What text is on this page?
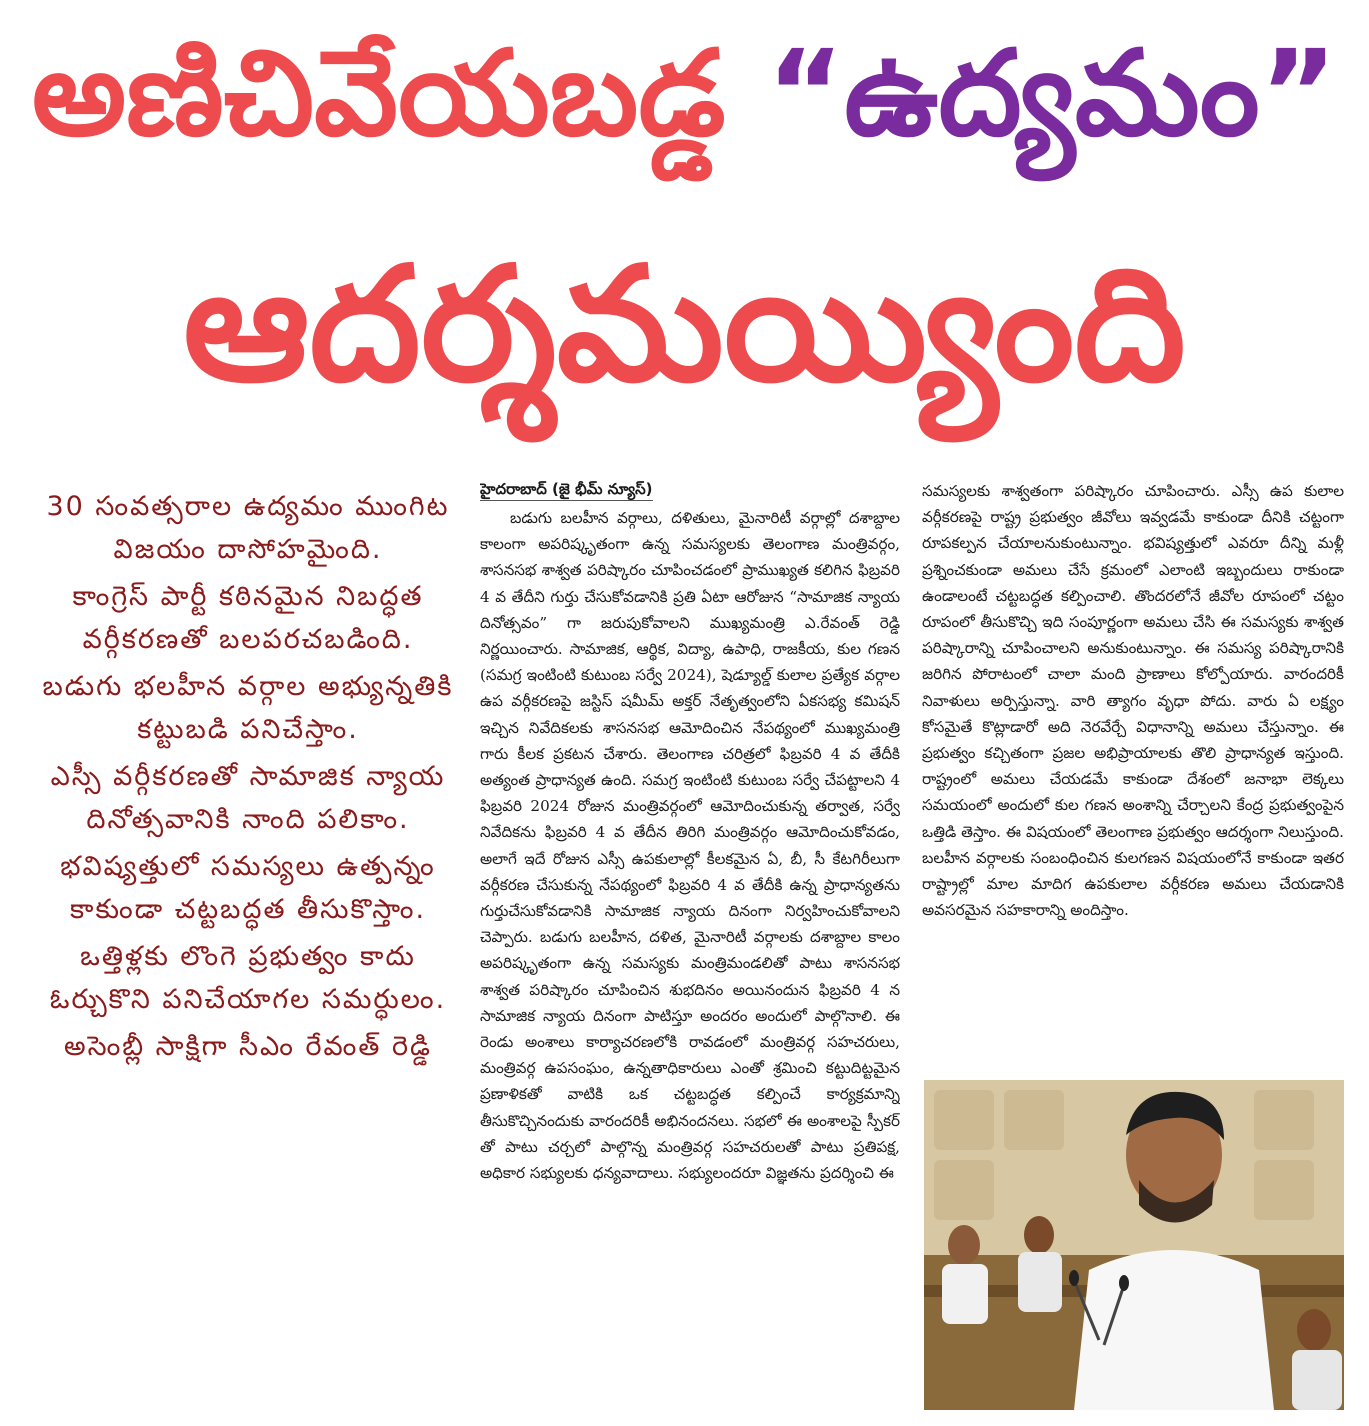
అణిచివేయబడ్డ “ఉద్యమం”
ఆదర్శమయ్యింది

30 సంవత్సరాల ఉద్యమం ముంగిట విజయం దాసోహమైంది.

కాంగ్రెస్ పార్టీ కఠినమైన నిబద్ధత వర్గీకరణతో బలపరచబడింది.

బడుగు భలహీన వర్గాల అభ్యున్నతికి కట్టుబడి పనిచేస్తాం.

ఎస్సీ వర్గీకరణతో సామాజిక న్యాయ దినోత్సవానికి నాంది పలికాం.

భవిష్యత్తులో సమస్యలు ఉత్పన్నం కాకుండా చట్టబద్ధత తీసుకొస్తాం.

ఒత్తిళ్లకు లొంగె ప్రభుత్వం కాదు ఓర్చుకొని పనిచేయాగల సమర్ధులం.

అసెంబ్లీ సాక్షిగా సీఎం రేవంత్ రెడ్డి

హైదరాబాద్ (జై భీమ్ న్యూస్)

బడుగు బలహీన వర్గాలు, దళితులు, మైనారిటీ వర్గాల్లో దశాబ్దాల కాలంగా అపరిష్కృతంగా ఉన్న సమస్యలకు తెలంగాణ మంత్రివర్గం, శాసనసభ శాశ్వత పరిష్కారం చూపించడంలో ప్రాముఖ్యత కలిగిన ఫిబ్రవరి 4 వ తేదీని గుర్తు చేసుకోవడానికి ప్రతి ఏటా ఆరోజున “సామాజిక న్యాయ దినోత్సవం” గా జరుపుకోవాలని ముఖ్యమంత్రి ఎ.రేవంత్ రెడ్డి నిర్ణయించారు. సామాజిక, ఆర్థిక, విద్యా, ఉపాధి, రాజకీయ, కుల గణన (సమగ్ర ఇంటింటి కుటుంబ సర్వే 2024), షెడ్యూల్డ్ కులాల ప్రత్యేక వర్గాల ఉప వర్గీకరణపై జస్టిస్ షమీమ్ అక్తర్ నేతృత్వంలోని ఏకసభ్య కమిషన్ ఇచ్చిన నివేదికలకు శాసనసభ ఆమోదించిన నేపథ్యంలో ముఖ్యమంత్రి గారు కీలక ప్రకటన చేశారు. తెలంగాణ చరిత్రలో ఫిబ్రవరి 4 వ తేదీకి అత్యంత ప్రాధాన్యత ఉంది. సమగ్ర ఇంటింటి కుటుంబ సర్వే చేపట్టాలని 4 ఫిబ్రవరి 2024 రోజున మంత్రివర్గంలో ఆమోదించుకున్న తర్వాత, సర్వే నివేదికను ఫిబ్రవరి 4 వ తేదీన తిరిగి మంత్రివర్గం ఆమోదించుకోవడం, అలాగే ఇదే రోజున ఎస్సీ ఉపకులాల్లో కీలకమైన ఏ, బీ, సీ కేటగిరీలుగా వర్గీకరణ చేసుకున్న నేపథ్యంలో ఫిబ్రవరి 4 వ తేదీకి ఉన్న ప్రాధాన్యతను గుర్తుచేసుకోవడానికి సామాజిక న్యాయ దినంగా నిర్వహించుకోవాలని చెప్పారు. బడుగు బలహీన, దళిత, మైనారిటీ వర్గాలకు దశాబ్దాల కాలం అపరిష్కృతంగా ఉన్న సమస్యకు మంత్రిమండలితో పాటు శాసనసభ శాశ్వత పరిష్కారం చూపించిన శుభదినం అయినందున ఫిబ్రవరి 4 న సామాజిక న్యాయ దినంగా పాటిస్తూ అందరం అందులో పాల్గొనాలి. ఈ రెండు అంశాలు కార్యాచరణలోకి రావడంలో మంత్రివర్గ సహచరులు, మంత్రివర్గ ఉపసంఘం, ఉన్నతాధికారులు ఎంతో శ్రమించి కట్టుదిట్టమైన ప్రణాళికతో వాటికి ఒక చట్టబద్ధత కల్పించే కార్యక్రమాన్ని తీసుకొచ్చినందుకు వారందరికీ అభినందనలు. సభలో ఈ అంశాలపై స్పీకర్ తో పాటు చర్చలో పాల్గొన్న మంత్రివర్గ సహచరులతో పాటు ప్రతిపక్ష, అధికార సభ్యులకు ధన్యవాదాలు. సభ్యులందరూ విజ్ఞతను ప్రదర్శించి ఈ

సమస్యలకు శాశ్వతంగా పరిష్కారం చూపించారు. ఎస్సీ ఉప కులాల వర్గీకరణపై రాష్ట్ర ప్రభుత్వం జీవోలు ఇవ్వడమే కాకుండా దీనికి చట్టంగా రూపకల్పన చేయాలనుకుంటున్నాం. భవిష్యత్తులో ఎవరూ దీన్ని మళ్లీ ప్రశ్నించకుండా అమలు చేసే క్రమంలో ఎలాంటి ఇబ్బందులు రాకుండా ఉండాలంటే చట్టబద్ధత కల్పించాలి. తొందరలోనే జీవోల రూపంలో చట్టం రూపంలో తీసుకొచ్చి ఇది సంపూర్ణంగా అమలు చేసి ఈ సమస్యకు శాశ్వత పరిష్కారాన్ని చూపించాలని అనుకుంటున్నాం. ఈ సమస్య పరిష్కారానికి జరిగిన పోరాటంలో చాలా మంది ప్రాణాలు కోల్పోయారు. వారందరికీ నివాళులు అర్పిస్తున్నా. వారి త్యాగం వృధా పోదు. వారు ఏ లక్ష్యం కోసమైతే కొట్లాడారో అది నెరవేర్చే విధానాన్ని అమలు చేస్తున్నాం. ఈ ప్రభుత్వం కచ్చితంగా ప్రజల అభిప్రాయాలకు తొలి ప్రాధాన్యత ఇస్తుంది. రాష్ట్రంలో అమలు చేయడమే కాకుండా దేశంలో జనాభా లెక్కలు సమయంలో అందులో కుల గణన అంశాన్ని చేర్చాలని కేంద్ర ప్రభుత్వంపైన ఒత్తిడి తెస్తాం. ఈ విషయంలో తెలంగాణ ప్రభుత్వం ఆదర్శంగా నిలుస్తుంది. బలహీన వర్గాలకు సంబంధించిన కులగణన విషయంలోనే కాకుండా ఇతర రాష్ట్రాల్లో మాల మాదిగ ఉపకులాల వర్గీకరణ అమలు చేయడానికి అవసరమైన సహకారాన్ని అందిస్తాం.
